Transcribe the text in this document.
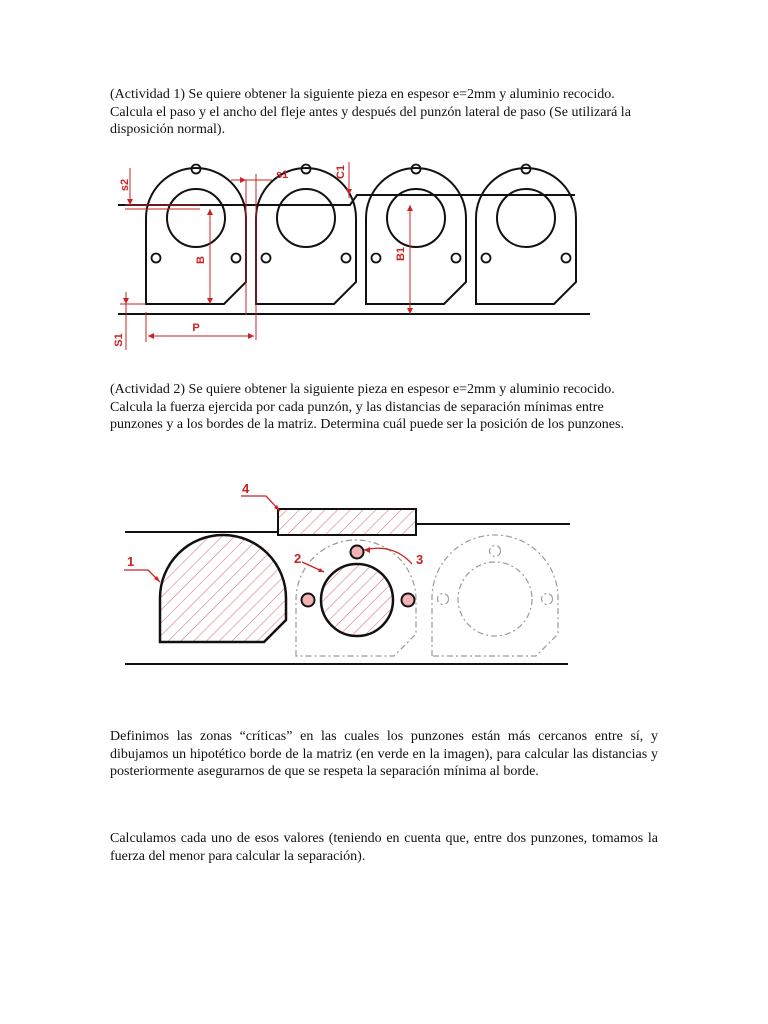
(Actividad 1) Se quiere obtener la siguiente pieza en espesor e=2mm y aluminio recocido. Calcula el paso y el ancho del fleje antes y después del punzón lateral de paso (Se utilizará la disposición normal).

s2
s1	C1
B	B1
P
S1

(Actividad 2) Se quiere obtener la siguiente pieza en espesor e=2mm y aluminio recocido. Calcula la fuerza ejercida por cada punzón, y las distancias de separación mínimas entre punzones y a los bordes de la matriz. Determina cuál puede ser la posición de los punzones.

1
4
2	3

Definimos las zonas “críticas” en las cuales los punzones están más cercanos entre sí, y dibujamos un hipotético borde de la matriz (en verde en la imagen), para calcular las distancias y posteriormente asegurarnos de que se respeta la separación mínima al borde.

Calculamos cada uno de esos valores (teniendo en cuenta que, entre dos punzones, tomamos la fuerza del menor para calcular la separación).
